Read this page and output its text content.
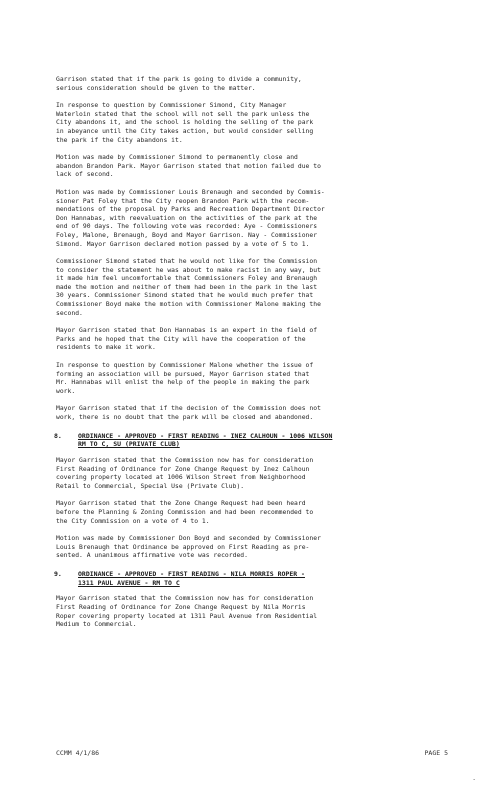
Garrison stated that if the park is going to divide a community,
serious consideration should be given to the matter.

In response to question by Commissioner Simond, City Manager
Waterloin stated that the school will not sell the park unless the
City abandons it, and the school is holding the selling of the park
in abeyance until the City takes action, but would consider selling
the park if the City abandons it.

Motion was made by Commissioner Simond to permanently close and
abandon Brandon Park. Mayor Garrison stated that motion failed due to
lack of second.

Motion was made by Commissioner Louis Brenaugh and seconded by Commis-
sioner Pat Foley that the City reopen Brandon Park with the recom-
mendations of the proposal by Parks and Recreation Department Director
Don Hannabas, with reevaluation on the activities of the park at the
end of 90 days. The following vote was recorded: Aye - Commissioners
Foley, Malone, Brenaugh, Boyd and Mayor Garrison. Nay - Commissioner
Simond. Mayor Garrison declared motion passed by a vote of 5 to 1.

Commissioner Simond stated that he would not like for the Commission
to consider the statement he was about to make racist in any way, but
it made him feel uncomfortable that Commissioners Foley and Brenaugh
made the motion and neither of them had been in the park in the last
30 years. Commissioner Simond stated that he would much prefer that
Commissioner Boyd make the motion with Commissioner Malone making the
second.

Mayor Garrison stated that Don Hannabas is an expert in the field of
Parks and he hoped that the City will have the cooperation of the
residents to make it work.

In response to question by Commissioner Malone whether the issue of
forming an association will be pursued, Mayor Garrison stated that
Mr. Hannabas will enlist the help of the people in making the park
work.

Mayor Garrison stated that if the decision of the Commission does not
work, there is no doubt that the park will be closed and abandoned.

8.	ORDINANCE - APPROVED - FIRST READING - INEZ CALHOUN - 1006 WILSON
RM TO C, SU (PRIVATE CLUB)

Mayor Garrison stated that the Commission now has for consideration
First Reading of Ordinance for Zone Change Request by Inez Calhoun
covering property located at 1006 Wilson Street from Neighborhood
Retail to Commercial, Special Use (Private Club).

Mayor Garrison stated that the Zone Change Request had been heard
before the Planning & Zoning Commission and had been recommended to
the City Commission on a vote of 4 to 1.

Motion was made by Commissioner Don Boyd and seconded by Commissioner
Louis Brenaugh that Ordinance be approved on First Reading as pre-
sented. A unanimous affirmative vote was recorded.

9.	ORDINANCE - APPROVED - FIRST READING - NILA MORRIS ROPER -
1311 PAUL AVENUE - RM TO C

Mayor Garrison stated that the Commission now has for consideration
First Reading of Ordinance for Zone Change Request by Nila Morris
Roper covering property located at 1311 Paul Avenue from Residential
Medium to Commercial.

CCMM 4/1/86	PAGE 5
-
